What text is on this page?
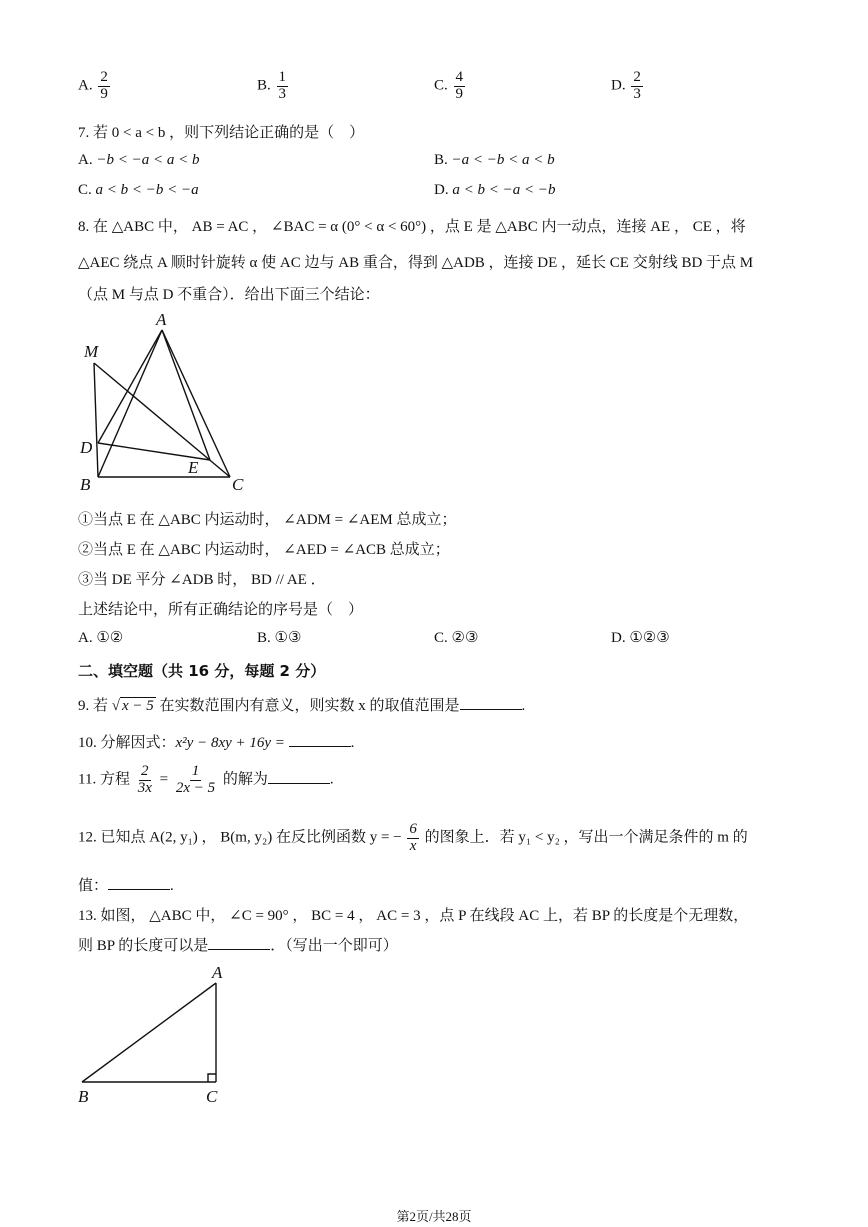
A. $\frac{2}{9}$	B. $\frac{1}{3}$	C. $\frac{4}{9}$	D. $\frac{2}{3}$
7. 若 0 < a < b ，则下列结论正确的是（　）
A. −b < −a < a < b	B. −a < −b < a < b
C. a < b < −b < −a	D. a < b < −a < −b
8. 在 △ABC 中， AB = AC ， ∠BAC = α (0° < α < 60°) ，点 E 是 △ABC 内一动点，连接 AE ， CE ，将
△AEC 绕点 A 顺时针旋转 α 使 AC 边与 AB 重合，得到 △ADB ，连接 DE ，延长 CE 交射线 BD 于点 M
（点 M 与点 D 不重合）．给出下面三个结论：
A
M
D
E
B	C
①当点 E 在 △ABC 内运动时， ∠ADM = ∠AEM 总成立；
②当点 E 在 △ABC 内运动时， ∠AED = ∠ACB 总成立；
③当 DE 平分 ∠ADB 时， BD // AE ．
上述结论中，所有正确结论的序号是（　）
A. ①②	B. ①③	C. ②③	D. ①②③
二、填空题（共 16 分，每题 2 分）
9. 若 √ x − 5 在实数范围内有意义，则实数 x 的取值范围是	.
10. 分解因式：x²y − 8xy + 16y =	.
11. 方程 $\frac{2}{3x} = \frac{1}{2x - 5}$ 的解为	.
12. 已知点 A(2, y₁) ， B(m, y₂) 在反比例函数 y = − $\frac{6}{x}$ 的图象上．若 y₁ < y₂ ，写出一个满足条件的 m 的
值：	.
13. 如图， △ABC 中， ∠C = 90° ， BC = 4 ， AC = 3 ，点 P 在线段 AC 上，若 BP 的长度是个无理数，
则 BP 的长度可以是	．（写出一个即可）
A
B	C
第2页/共28页
